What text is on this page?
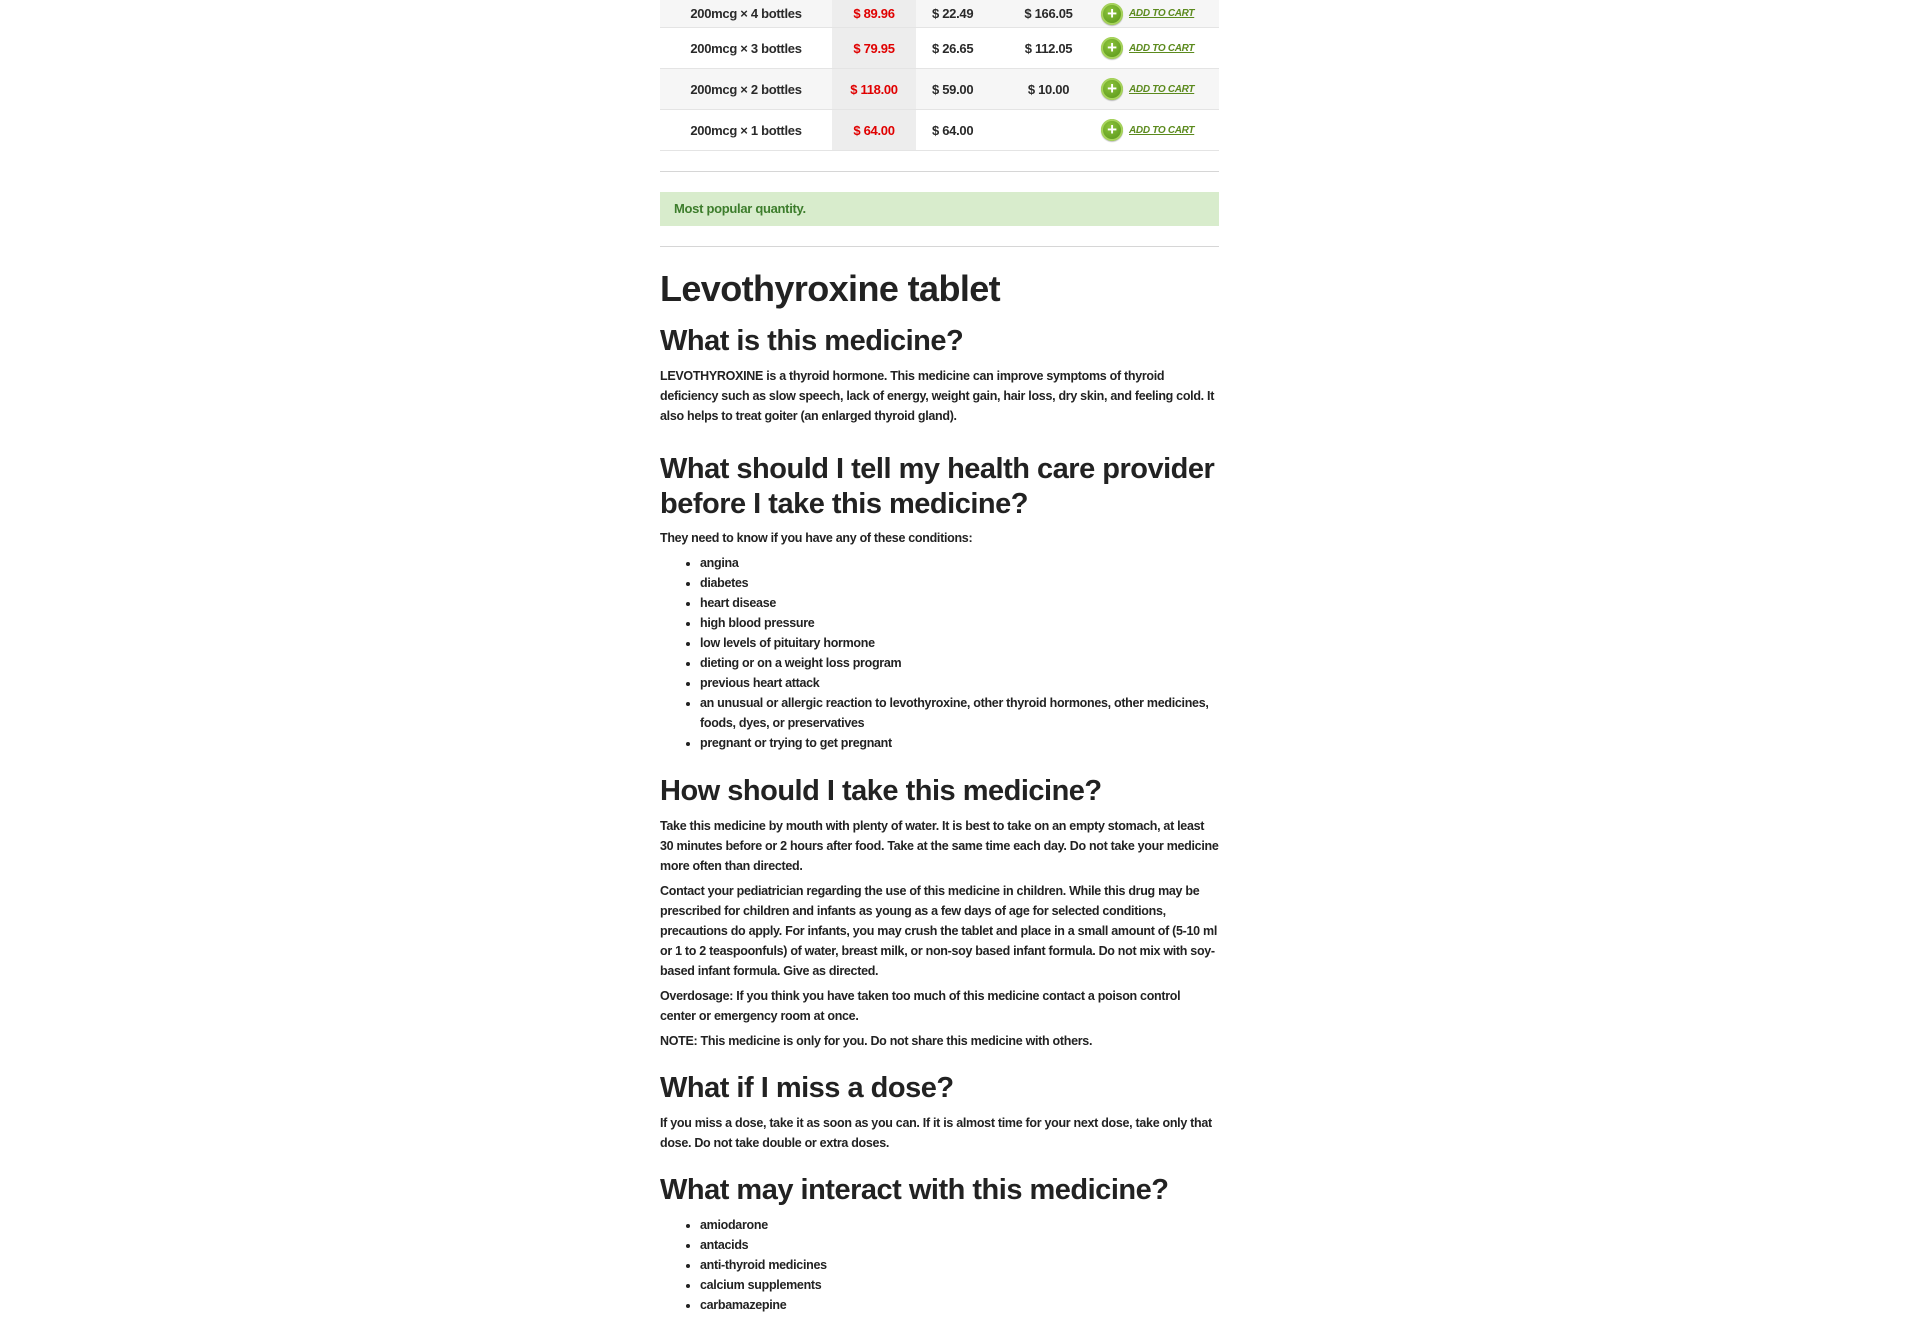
200mcg × 4 bottles	$ 89.96	$ 22.49	$ 166.05	+ ADD TO CART

200mcg × 3 bottles	$ 79.95	$ 26.65	$ 112.05	+ ADD TO CART

200mcg × 2 bottles	$ 118.00	$ 59.00	$ 10.00	+ ADD TO CART

200mcg × 1 bottles	$ 64.00	$ 64.00		+ ADD TO CART
Most popular quantity.
Levothyroxine tablet
What is this medicine?

LEVOTHYROXINE is a thyroid hormone. This medicine can improve symptoms of thyroid deficiency such as slow speech, lack of energy, weight gain, hair loss, dry skin, and feeling cold. It also helps to treat goiter (an enlarged thyroid gland).

What should I tell my health care provider before I take this medicine?

They need to know if you have any of these conditions:

• angina
• diabetes
• heart disease
• high blood pressure
• low levels of pituitary hormone
• dieting or on a weight loss program
• previous heart attack
• an unusual or allergic reaction to levothyroxine, other thyroid hormones, other medicines, foods, dyes, or preservatives
• pregnant or trying to get pregnant
How should I take this medicine?

Take this medicine by mouth with plenty of water. It is best to take on an empty stomach, at least 30 minutes before or 2 hours after food. Take at the same time each day. Do not take your medicine more often than directed.

Contact your pediatrician regarding the use of this medicine in children. While this drug may be prescribed for children and infants as young as a few days of age for selected conditions, precautions do apply. For infants, you may crush the tablet and place in a small amount of (5-10 ml or 1 to 2 teaspoonfuls) of water, breast milk, or non-soy based infant formula. Do not mix with soy-based infant formula. Give as directed.

Overdosage: If you think you have taken too much of this medicine contact a poison control center or emergency room at once.

NOTE: This medicine is only for you. Do not share this medicine with others.

What if I miss a dose?

If you miss a dose, take it as soon as you can. If it is almost time for your next dose, take only that dose. Do not take double or extra doses.

What may interact with this medicine?
• amiodarone
• antacids
• anti-thyroid medicines
• calcium supplements
• carbamazepine
